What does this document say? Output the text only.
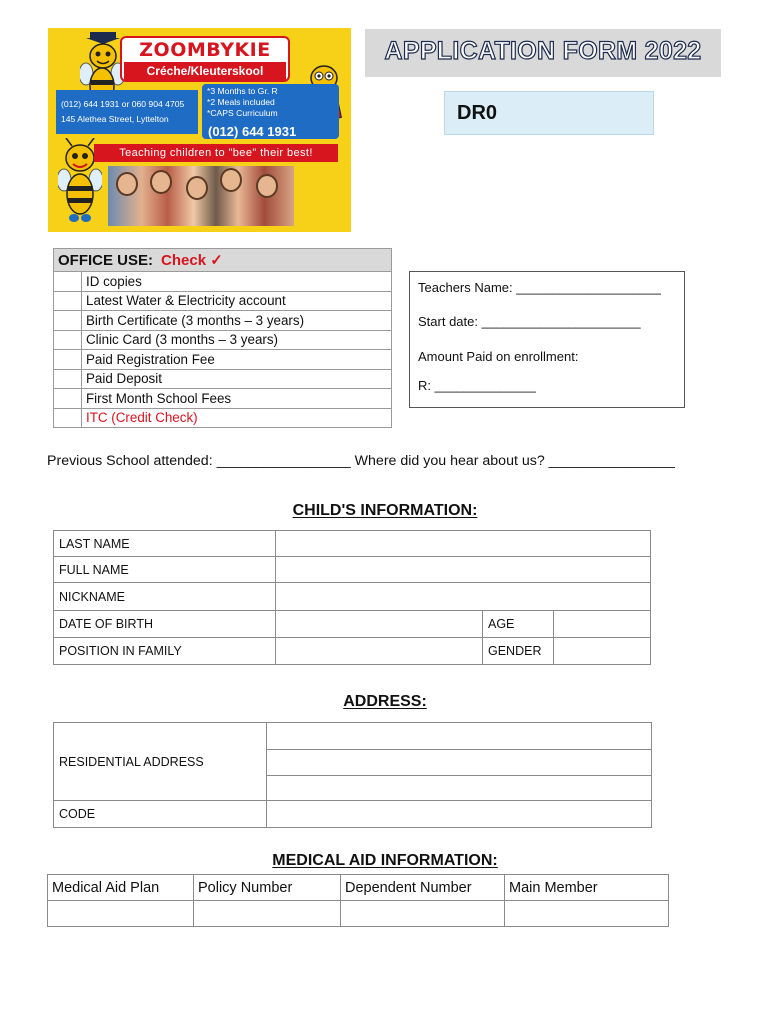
ZOOMBYKIE
Créche/Kleuterskool
(012) 644 1931 or 060 904 4705
145 Alethea Street, Lyttelton
*3 Months to Gr. R
*2 Meals included
*CAPS Curriculum
(012) 644 1931
Teaching children to "bee" their best!
APPLICATION FORM 2022
DR0
OFFICE USE: Check ✓	
	ID copies
	Latest Water & Electricity account
	Birth Certificate (3 months – 3 years)
	Clinic Card (3 months – 3 years)
	Paid Registration Fee
	Paid Deposit
	First Month School Fees
	ITC (Credit Check)
Teachers Name: ____________________
Start date: ______________________
Amount Paid on enrollment:
R: ______________
Previous School attended: _________________ Where did you hear about us? ________________
CHILD'S INFORMATION:
LAST NAME			
FULL NAME			
NICKNAME			
DATE OF BIRTH		AGE	
POSITION IN FAMILY		GENDER	
ADDRESS:
RESIDENTIAL ADDRESS	

CODE	
MEDICAL AID INFORMATION:
Medical Aid Plan	Policy Number	Dependent Number	Main Member
